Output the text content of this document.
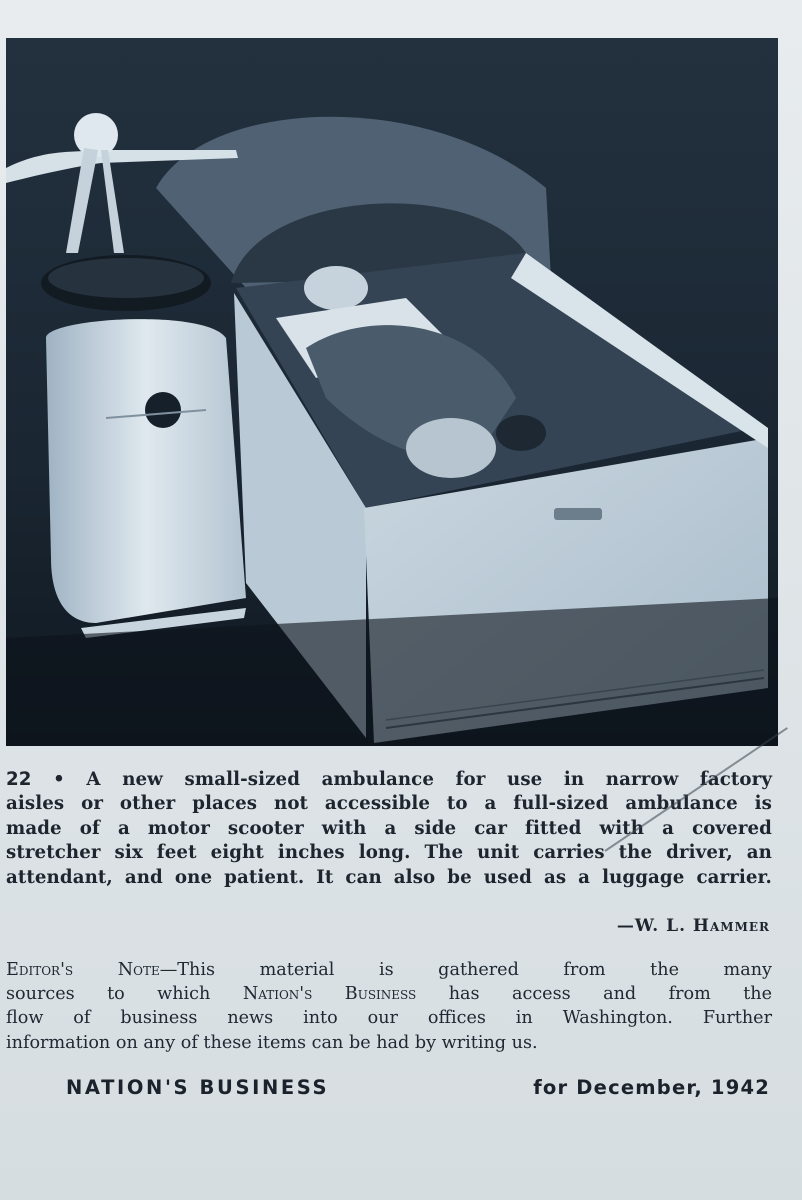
22 • A new small-sized ambulance for use in narrow factory
aisles or other places not accessible to a full-sized ambulance is
made of a motor scooter with a side car fitted with a covered
stretcher six feet eight inches long. The unit carries the driver, an
attendant, and one patient. It can also be used as a luggage carrier.
—W. L. Hammer
Editor's Note—This material is gathered from the many
sources to which Nation's Business has access and from the
flow of business news into our offices in Washington. Further
information on any of these items can be had by writing us.
NATION'S BUSINESS	for December, 1942
